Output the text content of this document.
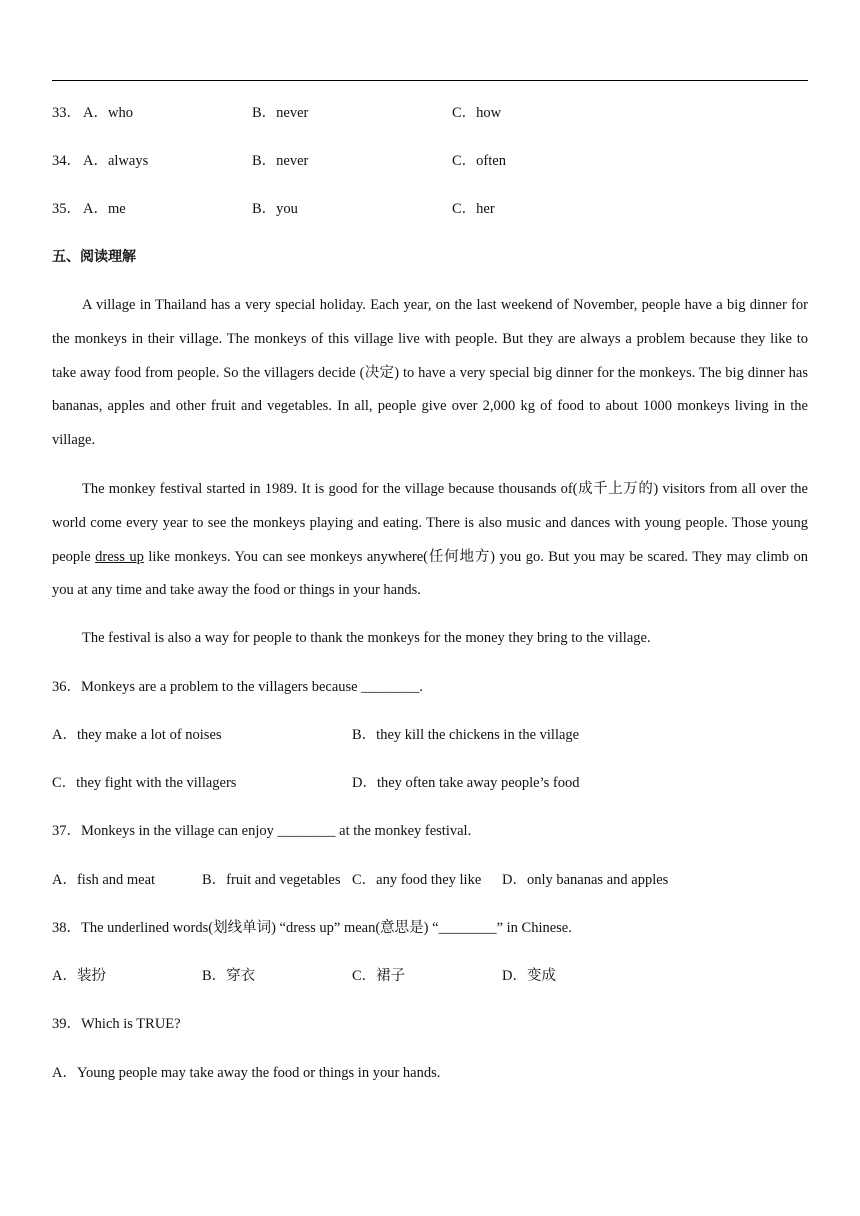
33． A．who	B．never	C．how
34． A．always	B．never	C．often
35． A．me	B．you	C．her
五、阅读理解

A village in Thailand has a very special holiday. Each year, on the last weekend of November, people have a big dinner for the monkeys in their village. The monkeys of this village live with people. But they are always a problem because they like to take away food from people. So the villagers decide (决定) to have a very special big dinner for the monkeys. The big dinner has bananas, apples and other fruit and vegetables. In all, people give over 2,000 kg of food to about 1000 monkeys living in the village.

The monkey festival started in 1989. It is good for the village because thousands of(成千上万的) visitors from all over the world come every year to see the monkeys playing and eating. There is also music and dances with young people. Those young people dress up like monkeys. You can see monkeys anywhere(任何地方) you go. But you may be scared. They may climb on you at any time and take away the food or things in your hands.

The festival is also a way for people to thank the monkeys for the money they bring to the village.

36．Monkeys are a problem to the villagers because ________.
A．they make a lot of noises	B．they kill the chickens in the village
C．they fight with the villagers	D．they often take away people’s food
37．Monkeys in the village can enjoy ________ at the monkey festival.
A．fish and meat	B．fruit and vegetables C．any food they like D．only bananas and apples
38．The underlined words(划线单词) “dress up” mean(意思是) “________” in Chinese.
A．装扮	B．穿衣	C．裙子	D．变成
39．Which is TRUE?
A．Young people may take away the food or things in your hands.
